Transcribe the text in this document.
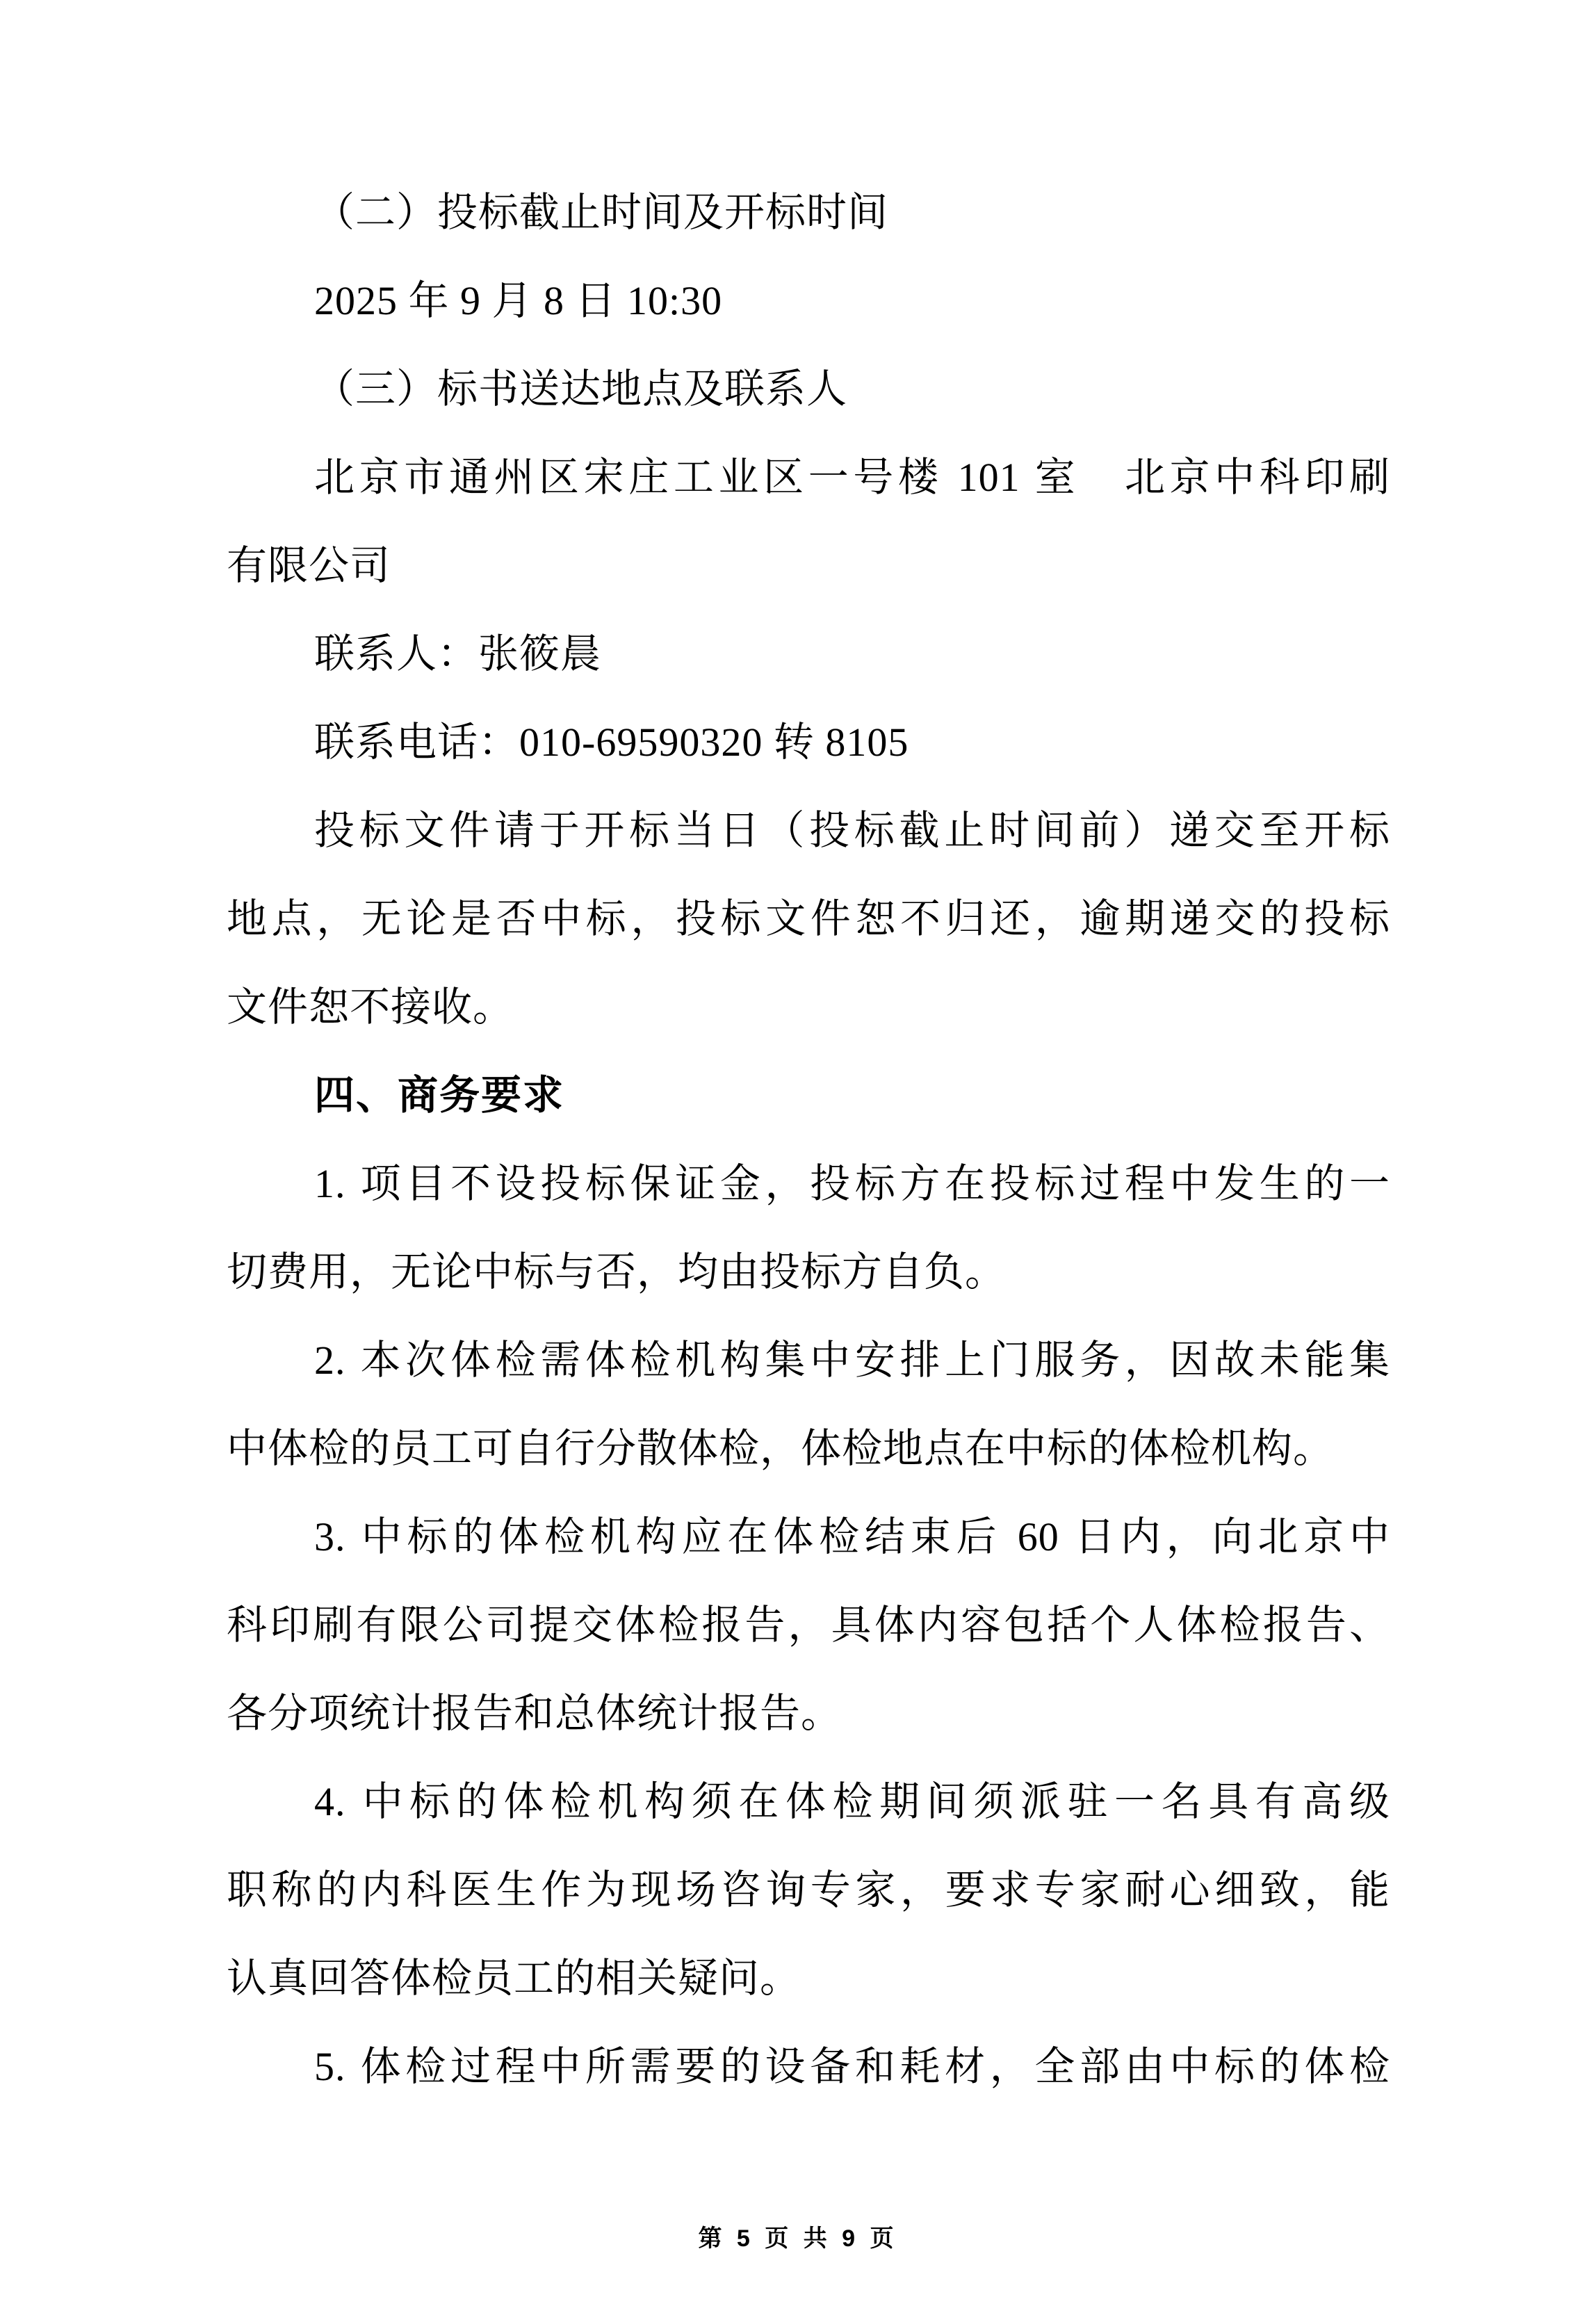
（二）投标截止时间及开标时间
2025 年 9 月 8 日 10:30
（三）标书送达地点及联系人
北京市通州区宋庄工业区一号楼 101 室　北京中科印刷
有限公司
联系人：张筱晨
联系电话：010-69590320 转 8105
投标文件请于开标当日（投标截止时间前）递交至开标
地点，无论是否中标，投标文件恕不归还，逾期递交的投标
文件恕不接收。
四、商务要求
1. 项目不设投标保证金，投标方在投标过程中发生的一
切费用，无论中标与否，均由投标方自负。
2. 本次体检需体检机构集中安排上门服务，因故未能集
中体检的员工可自行分散体检，体检地点在中标的体检机构。
3. 中标的体检机构应在体检结束后 60 日内，向北京中
科印刷有限公司提交体检报告，具体内容包括个人体检报告、
各分项统计报告和总体统计报告。
4. 中标的体检机构须在体检期间须派驻一名具有高级
职称的内科医生作为现场咨询专家，要求专家耐心细致，能
认真回答体检员工的相关疑问。
5. 体检过程中所需要的设备和耗材，全部由中标的体检
第 5 页 共 9 页
